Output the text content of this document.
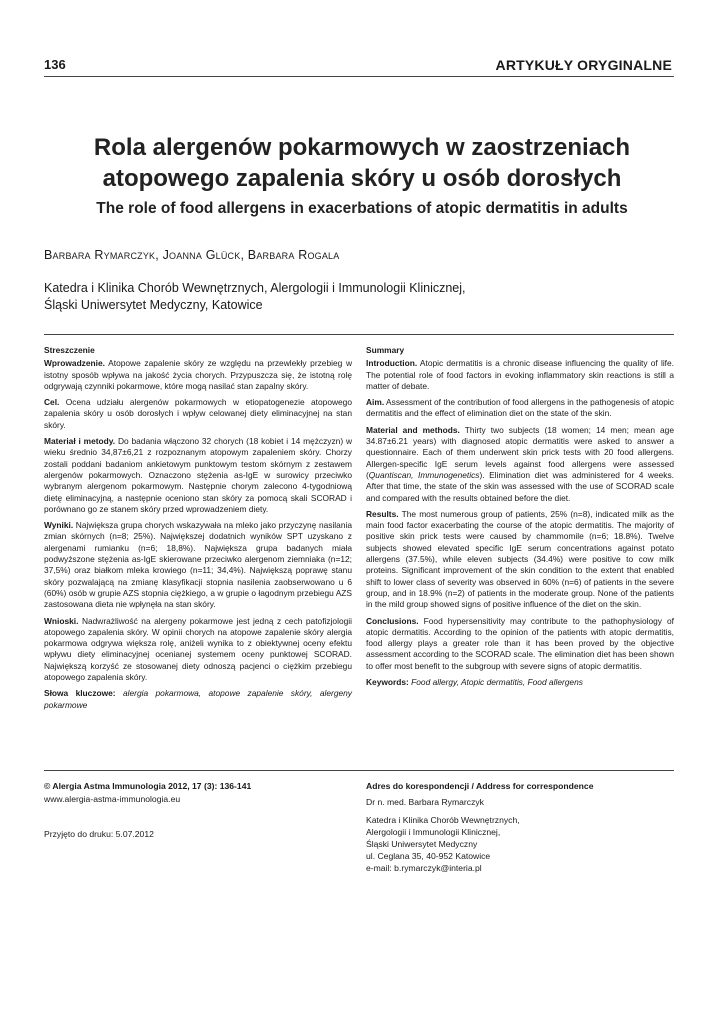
136	ARTYKUŁY ORYGINALNE
Rola alergenów pokarmowych w zaostrzeniach
atopowego zapalenia skóry u osób dorosłych
The role of food allergens in exacerbations of atopic dermatitis in adults
Barbara Rymarczyk, Joanna Glück, Barbara Rogala
Katedra i Klinika Chorób Wewnętrznych, Alergologii i Immunologii Klinicznej,
Śląski Uniwersytet Medyczny, Katowice
Streszczenie

Wprowadzenie. Atopowe zapalenie skóry ze względu na przewlekły przebieg w istotny sposób wpływa na jakość życia chorych. Przypuszcza się, że istotną rolę odgrywają czynniki pokarmowe, które mogą nasilać stan zapalny skóry.

Cel. Ocena udziału alergenów pokarmowych w etiopatogenezie atopowego zapalenia skóry u osób dorosłych i wpływ celowanej diety eliminacyjnej na stan skóry.

Materiał i metody. Do badania włączono 32 chorych (18 kobiet i 14 mężczyzn) w wieku średnio 34,87±6,21 z rozpoznanym atopowym zapaleniem skóry. Chorzy zostali poddani badaniom ankietowym punktowym testom skórnym z zestawem alergenów pokarmowych. Oznaczono stężenia as-IgE w surowicy przeciwko wybranym alergenom pokarmowym. Następnie chorym zalecono 4-tygodniową dietę eliminacyjną, a następnie oceniono stan skóry za pomocą skali SCORAD i porównano go ze stanem skóry przed wprowadzeniem diety.

Wyniki. Największa grupa chorych wskazywała na mleko jako przyczynę nasilania zmian skórnych (n=8; 25%). Największej dodatnich wyników SPT uzyskano z alergenami rumianku (n=6; 18,8%). Największa grupa badanych miała podwyższone stężenia as-IgE skierowane przeciwko alergenom ziemniaka (n=12; 37,5%) oraz białkom mleka krowiego (n=11; 34,4%). Największą poprawę stanu skóry pozwalającą na zmianę klasyfikacji stopnia nasilenia zaobserwowano u 6 (60%) osób w grupie AZS stopnia ciężkiego, a w grupie o łagodnym przebiegu AZS zastosowana dieta nie wpłynęła na stan skóry.

Wnioski. Nadwrażliwość na alergeny pokarmowe jest jedną z cech patofizjologii atopowego zapalenia skóry. W opinii chorych na atopowe zapalenie skóry alergia pokarmowa odgrywa większa rolę, aniżeli wynika to z obiektywnej oceny efektu wpływu diety eliminacyjnej ocenianej systemem oceny punktowej SCORAD. Największą korzyść ze stosowanej diety odnoszą pacjenci o ciężkim przebiegu atopowego zapalenia skóry.

Słowa kluczowe: alergia pokarmowa, atopowe zapalenie skóry, alergeny pokarmowe

Summary

Introduction. Atopic dermatitis is a chronic disease influencing the quality of life. The potential role of food factors in evoking inflammatory skin reactions is still a matter of debate.

Aim. Assessment of the contribution of food allergens in the pathogenesis of atopic dermatitis and the effect of elimination diet on the state of the skin.

Material and methods. Thirty two subjects (18 women; 14 men; mean age 34.87±6.21 years) with diagnosed atopic dermatitis were asked to answer a questionnaire. Each of them underwent skin prick tests with 20 food allergens. Allergen-specific IgE serum levels against food allergens were assessed (Quantiscan, Immunogenetics). Elimination diet was administered for 4 weeks. After that time, the state of the skin was assessed with the use of SCORAD scale and compared with the results obtained before the diet.

Results. The most numerous group of patients, 25% (n=8), indicated milk as the main food factor exacerbating the course of the atopic dermatitis. The majority of positive skin prick tests were caused by chammomile (n=6; 18.8%). Twelve subjects showed elevated specific IgE serum concentrations against potato allergens (37.5%), while eleven subjects (34.4%) were positive to cow milk proteins. Significant improvement of the skin condition to the extent that enabled shift to lower class of severity was observed in 60% (n=6) of patients in the severe group, and in 18.9% (n=2) of patients in the moderate group. None of the patients in the mild group showed signs of positive influence of the diet on the skin.

Conclusions. Food hypersensitivity may contribute to the pathophysiology of atopic dermatitis. According to the opinion of the patients with atopic dermatitis, food allergy plays a greater role than it has been proved by the objective assessment according to the SCORAD scale. The elimination diet has been shown to offer most benefit to the subgroup with severe signs of atopic dermatitis.

Keywords: Food allergy, Atopic dermatitis, Food allergens

© Alergia Astma Immunologia 2012, 17 (3): 136-141
www.alergia-astma-immunologia.eu
Przyjęto do druku: 5.07.2012
Adres do korespondencji / Address for correspondence
Dr n. med. Barbara Rymarczyk
Katedra i Klinika Chorób Wewnętrznych,
Alergologii i Immunologii Klinicznej,
Śląski Uniwersytet Medyczny
ul. Ceglana 35, 40-952 Katowice
e-mail: b.rymarczyk@interia.pl
